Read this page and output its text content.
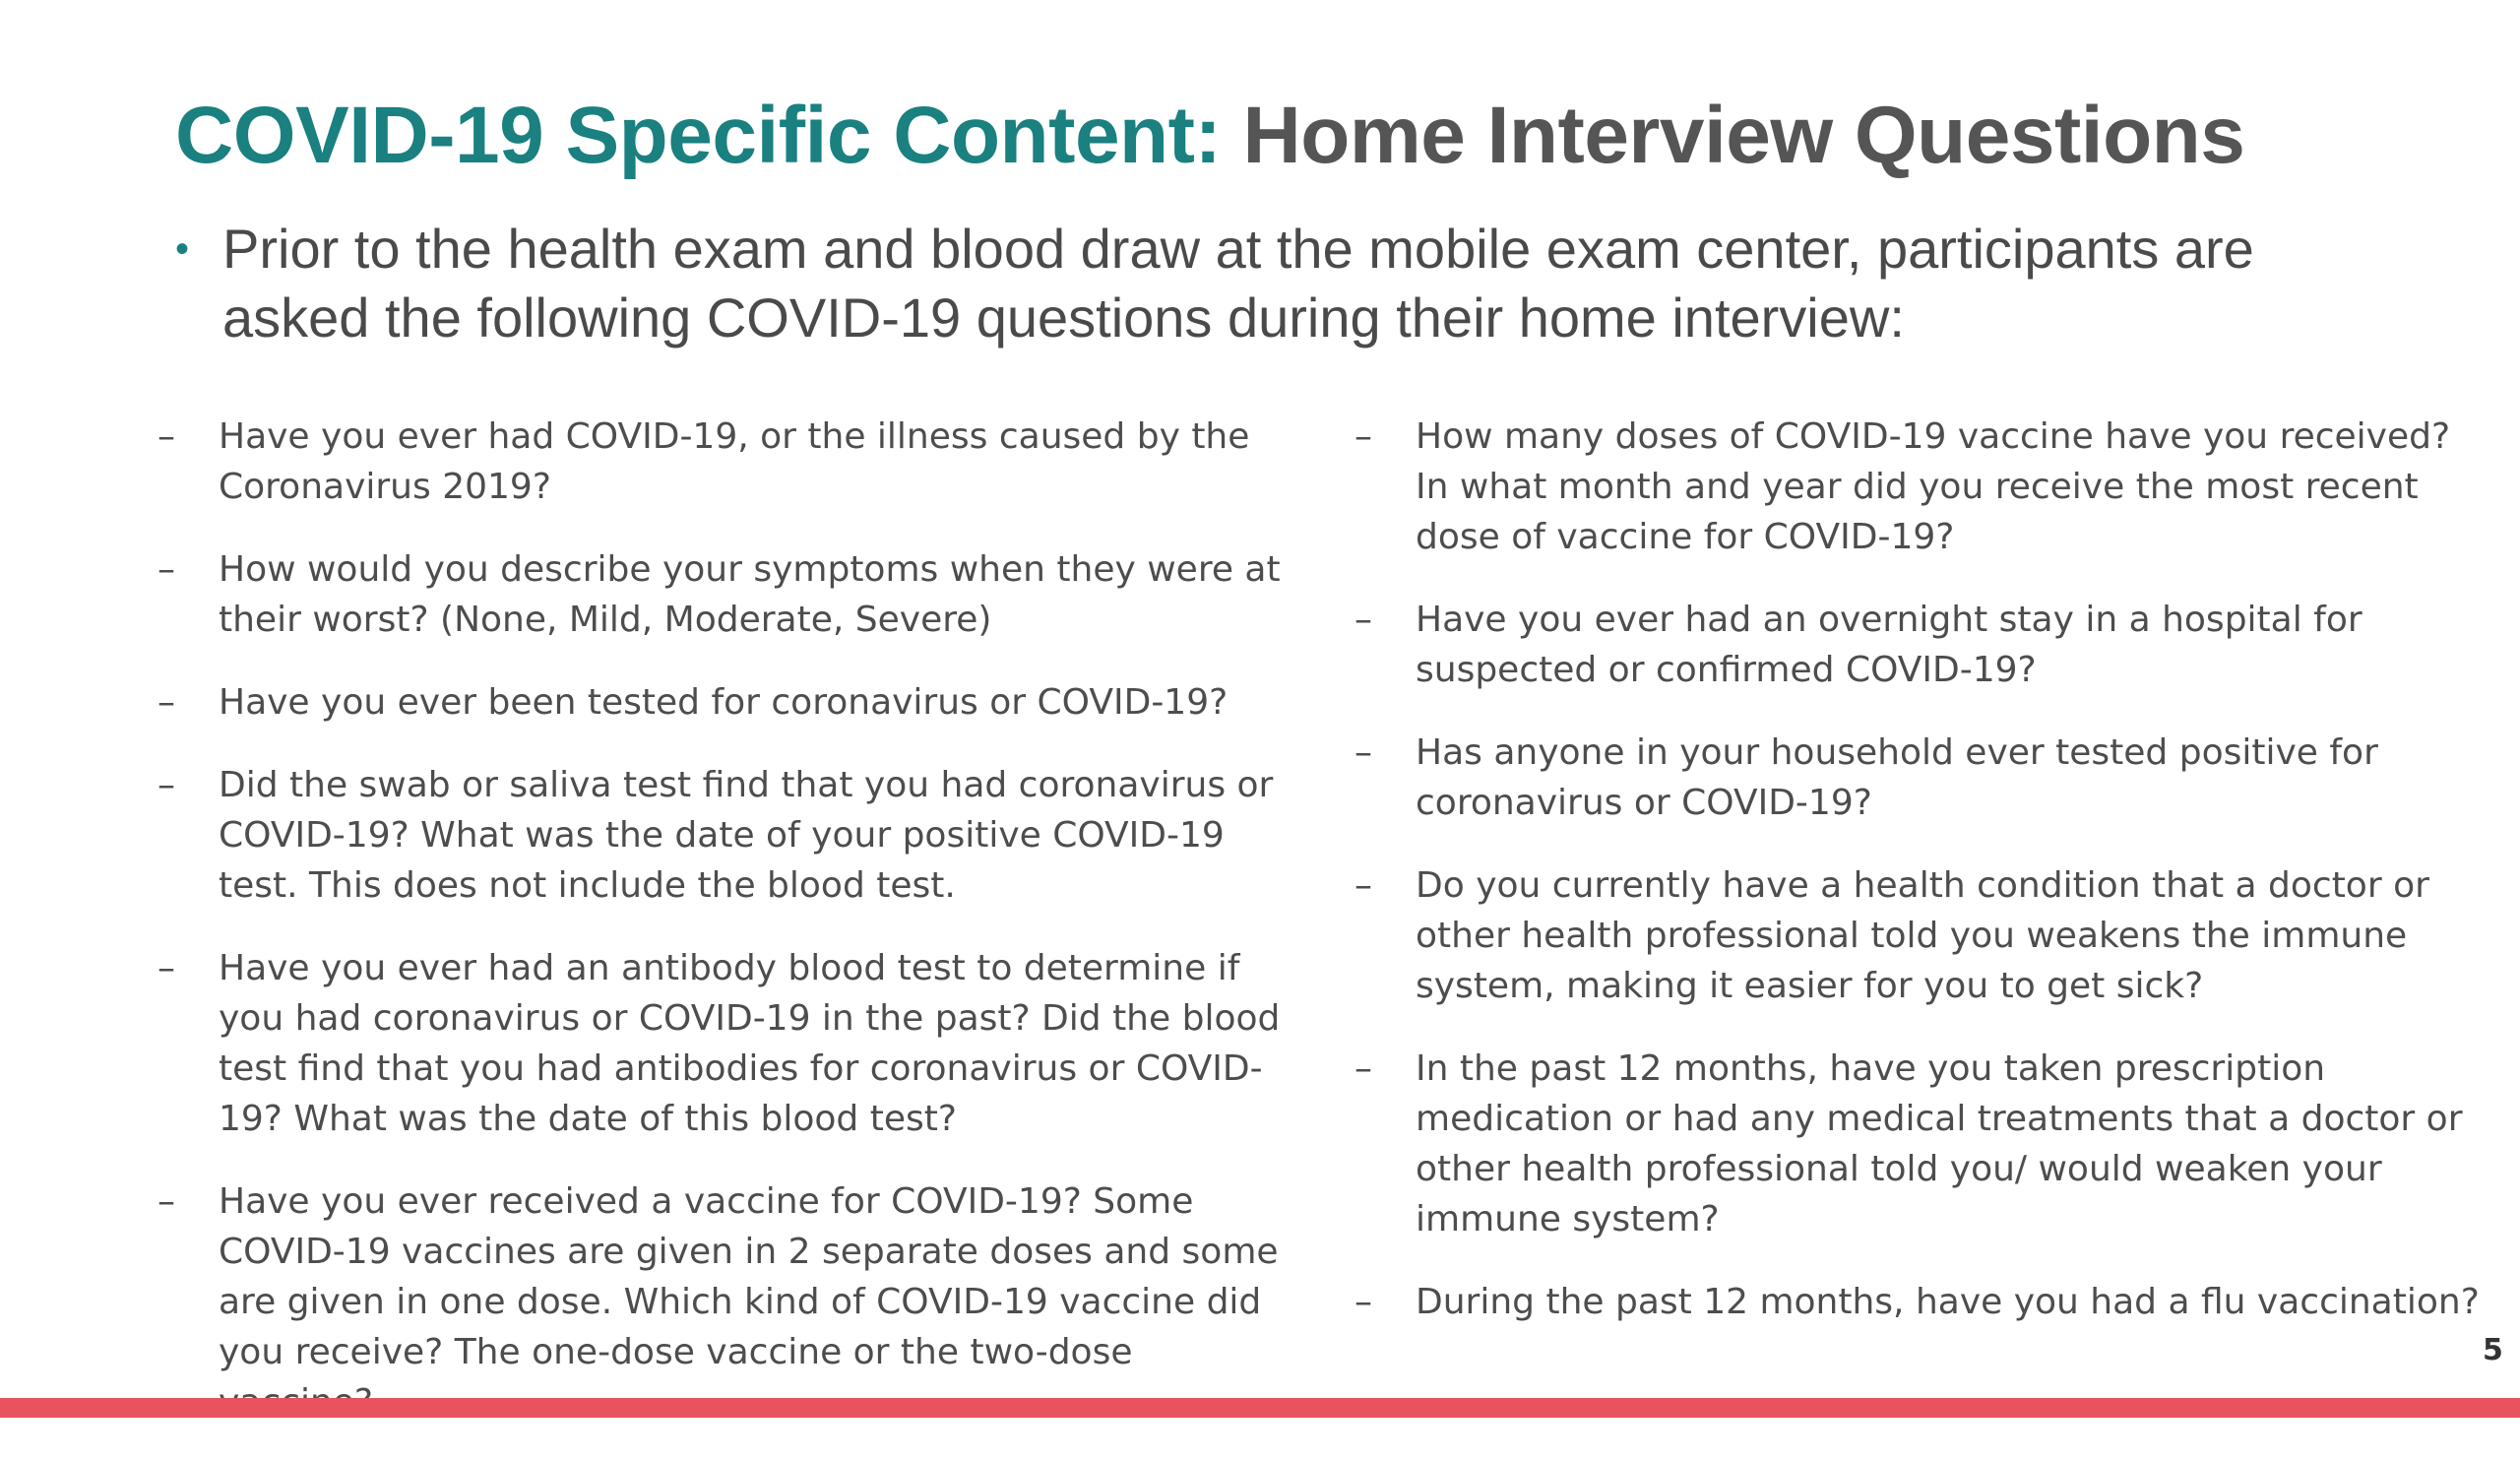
COVID-19 Specific Content: Home Interview Questions
• Prior to the health exam and blood draw at the mobile exam center, participants are asked the following COVID-19 questions during their home interview:
–	Have you ever had COVID-19, or the illness caused by the Coronavirus 2019?
–	How would you describe your symptoms when they were at their worst? (None, Mild, Moderate, Severe)
–	Have you ever been tested for coronavirus or COVID-19?
–	Did the swab or saliva test find that you had coronavirus or COVID-19? What was the date of your positive COVID-19 test. This does not include the blood test.
–	Have you ever had an antibody blood test to determine if you had coronavirus or COVID-19 in the past? Did the blood test find that you had antibodies for coronavirus or COVID-19? What was the date of this blood test?
–	Have you ever received a vaccine for COVID-19? Some COVID-19 vaccines are given in 2 separate doses and some are given in one dose. Which kind of COVID-19 vaccine did you receive? The one-dose vaccine or the two-dose
–	How many doses of COVID-19 vaccine have you received? In what month and year did you receive the most recent dose of vaccine for COVID-19?
–	Have you ever had an overnight stay in a hospital for suspected or confirmed COVID-19?
–	Has anyone in your household ever tested positive for coronavirus or COVID-19?
–	Do you currently have a health condition that a doctor or other health professional told you weakens the immune system, making it easier for you to get sick?
–	In the past 12 months, have you taken prescription medication or had any medical treatments that a doctor or other health professional told you/ would weaken your immune system?
–	During the past 12 months, have you had a flu vaccination?
5
